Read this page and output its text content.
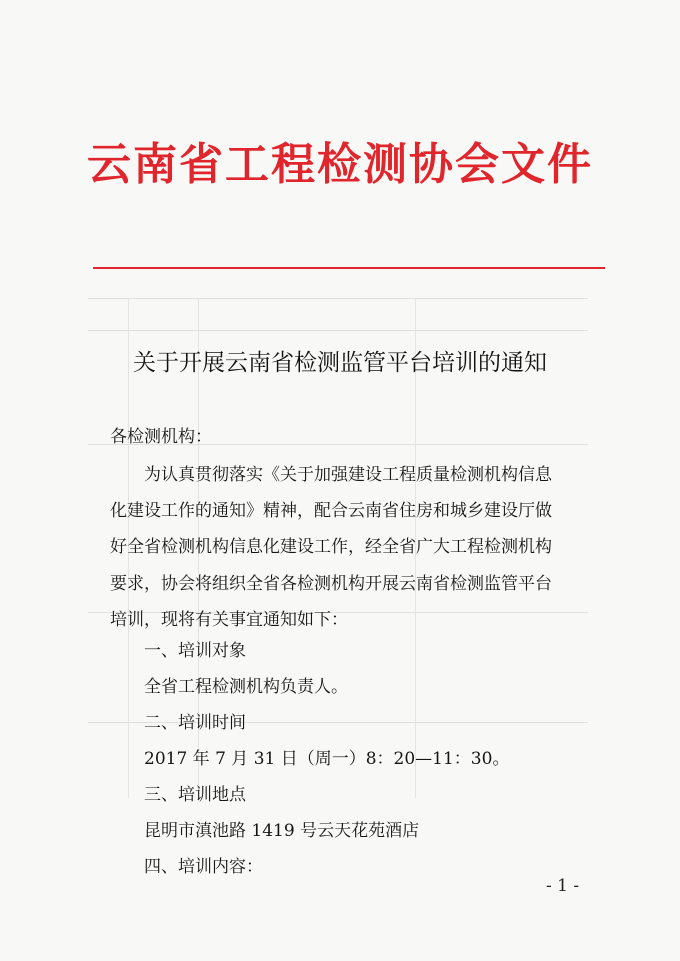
云南省工程检测协会文件
关于开展云南省检测监管平台培训的通知
各检测机构：
为认真贯彻落实《关于加强建设工程质量检测机构信息
化建设工作的通知》精神，配合云南省住房和城乡建设厅做
好全省检测机构信息化建设工作，经全省广大工程检测机构
要求，协会将组织全省各检测机构开展云南省检测监管平台
培训，现将有关事宜通知如下：
一、培训对象
全省工程检测机构负责人。
二、培训时间
2017 年 7 月 31 日（周一）8：20—11：30。
三、培训地点
昆明市滇池路 1419 号云天花苑酒店
四、培训内容：
- 1 -
